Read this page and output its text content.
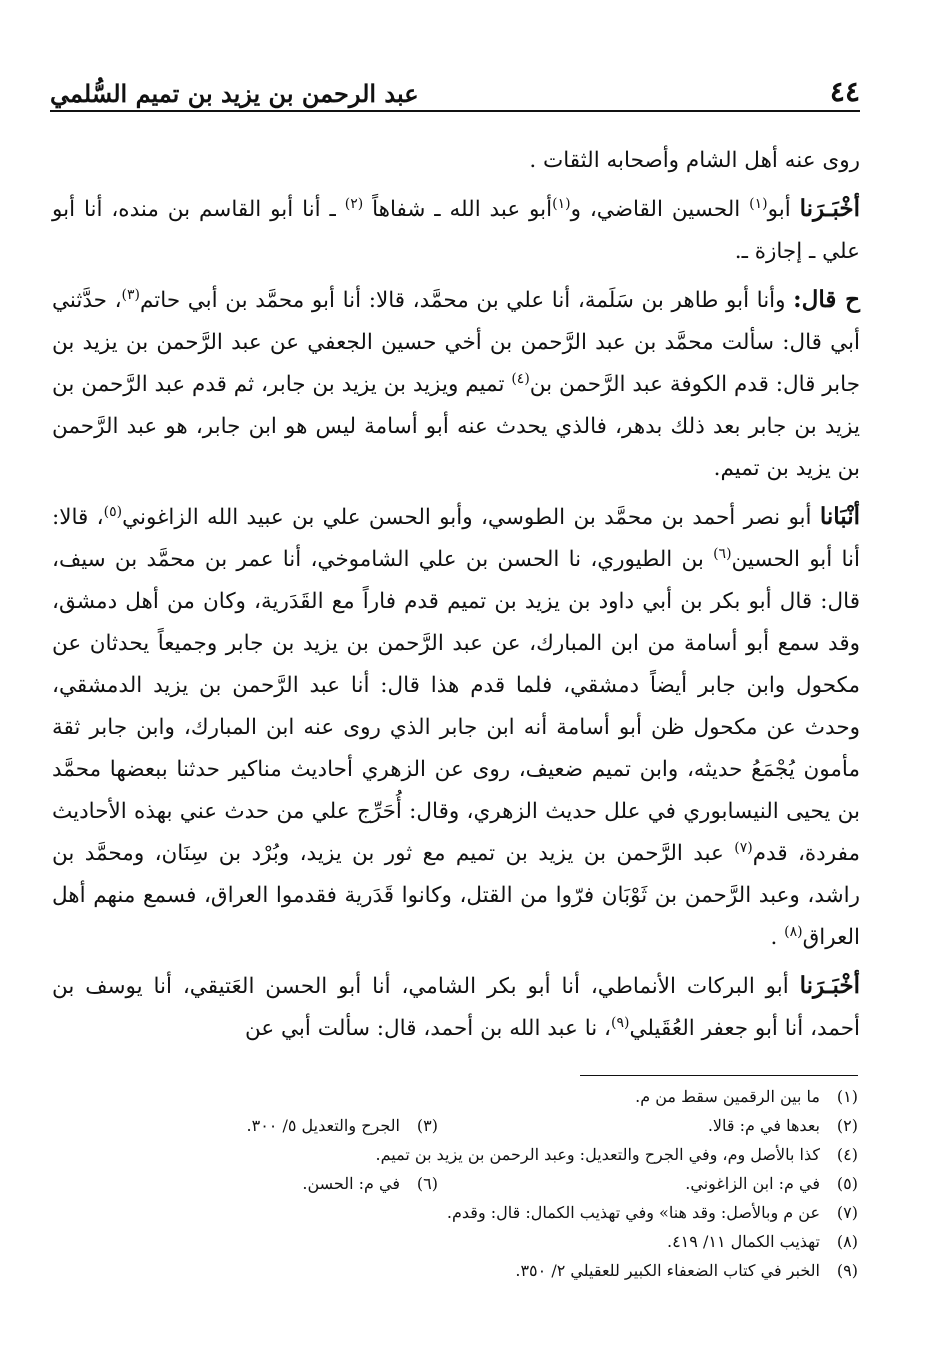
٤٤
عبد الرحمن بن يزيد بن تميم السُّلمي

روى عنه أهل الشام وأصحابه الثقات .

أخْبَـرَنا أبو$^{(١)}$ الحسين القاضي، و$^{(١)}$أبو عبد الله ـ شفاهاً $^{(٢)}$ ـ أنا أبو القاسم بن منده، أنا أبو علي ـ إجازة ـ.

ح قال: وأنا أبو طاهر بن سَلَمة، أنا علي بن محمَّد، قالا: أنا أبو محمَّد بن أبي حاتم$^{(٣)}$، حدَّثني أبي قال: سألت محمَّد بن عبد الرَّحمن بن أخي حسين الجعفي عن عبد الرَّحمن بن يزيد بن جابر قال: قدم الكوفة عبد الرَّحمن بن$^{(٤)}$ تميم ويزيد بن يزيد بن جابر، ثم قدم عبد الرَّحمن بن يزيد بن جابر بعد ذلك بدهر، فالذي يحدث عنه أبو أسامة ليس هو ابن جابر، هو عبد الرَّحمن بن يزيد بن تميم.

أنْبَانا أبو نصر أحمد بن محمَّد بن الطوسي، وأبو الحسن علي بن عبيد الله الزاغوني$^{(٥)}$، قالا: أنا أبو الحسين$^{(٦)}$ بن الطيوري، نا الحسن بن علي الشاموخي، أنا عمر بن محمَّد بن سيف، قال: قال أبو بكر بن أبي داود بن يزيد بن تميم قدم فاراً مع القَدَرية، وكان من أهل دمشق، وقد سمع أبو أسامة من ابن المبارك، عن عبد الرَّحمن بن يزيد بن جابر وجميعاً يحدثان عن مكحول وابن جابر أيضاً دمشقي، فلما قدم هذا قال: أنا عبد الرَّحمن بن يزيد الدمشقي، وحدث عن مكحول ظن أبو أسامة أنه ابن جابر الذي روى عنه ابن المبارك، وابن جابر ثقة مأمون يُجْمَعُ حديثه، وابن تميم ضعيف، روى عن الزهري أحاديث مناكير حدثنا ببعضها محمَّد بن يحيى النيسابوري في علل حديث الزهري، وقال: أُحَرِّج علي من حدث عني بهذه الأحاديث مفردة، قدم$^{(٧)}$ عبد الرَّحمن بن يزيد بن تميم مع ثور بن يزيد، وبُرْد بن سِنَان، ومحمَّد بن راشد، وعبد الرَّحمن بن ثَوْبَان فرّوا من القتل، وكانوا قَدَرية فقدموا العراق، فسمع منهم أهل العراق$^{(٨)}$ .

أخْبَـرَنا أبو البركات الأنماطي، أنا أبو بكر الشامي، أنا أبو الحسن العَتيقي، أنا يوسف بن أحمد، أنا أبو جعفر العُقَيلي$^{(٩)}$، نا عبد الله بن أحمد، قال: سألت أبي عن

(١)ما بين الرقمين سقط من م.
(٢)بعدها في م: قالا.
(٣)الجرح والتعديل ٥/ ٣٠٠.
(٤)كذا بالأصل وم، وفي الجرح والتعديل: وعبد الرحمن بن يزيد بن تميم.
(٥)في م: ابن الزاغوني.
(٦)في م: الحسن.
(٧)عن م وبالأصل: وقد هنا» وفي تهذيب الكمال: قال: وقدم.
(٨)تهذيب الكمال ١١/ ٤١٩.
(٩)الخبر في كتاب الضعفاء الكبير للعقيلي ٢/ ٣٥٠.
